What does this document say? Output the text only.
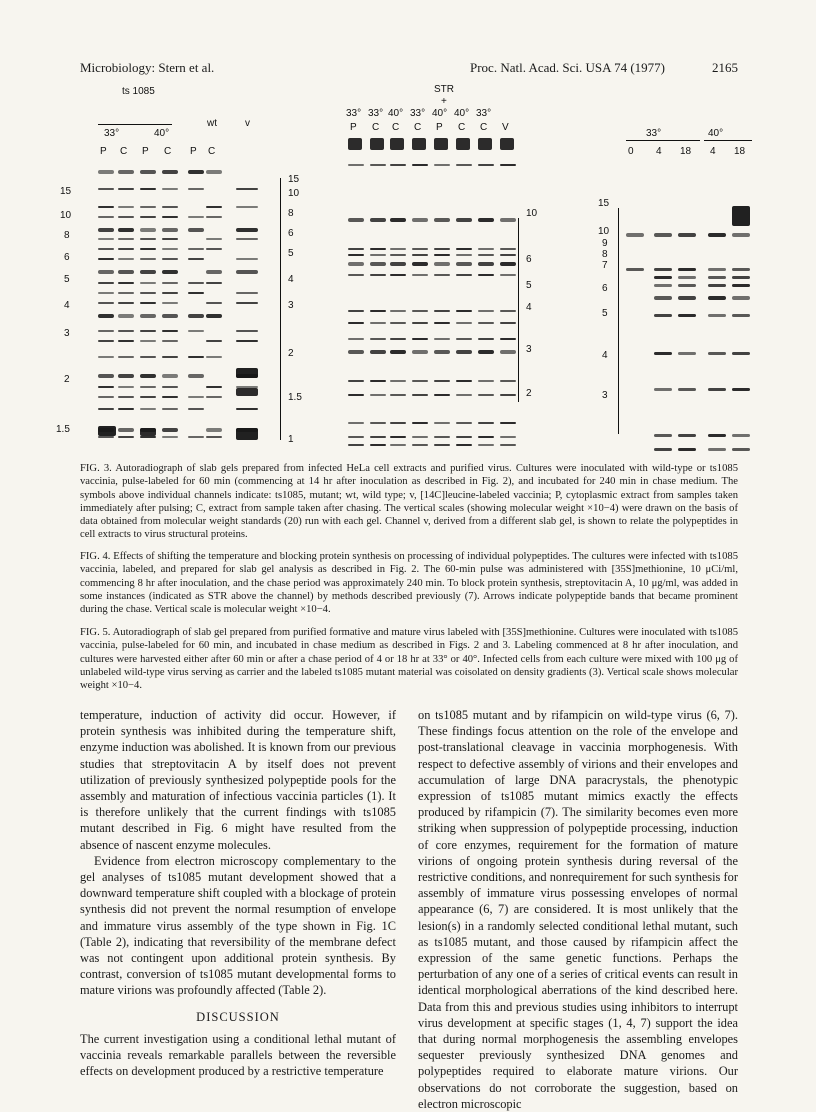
Microbiology: Stern et al.	Proc. Natl. Acad. Sci. USA 74 (1977)	2165
ts 1085
wt	v
33°	40°
P C P C P C
15
10
8
6
5
4
3
2
1.5
15
10
8
6
5
4
3
2
1.5
1
STR
+
33° 33° 40° 33° 40° 40° 33°
P C C C P C C V
10
6
5
4
3
2
33°	40°
0 4 18 4 18
15
10
9
8
7
6
5
4
3
FIG. 3. Autoradiograph of slab gels prepared from infected HeLa cell extracts and purified virus. Cultures were inoculated with wild-type or ts1085 vaccinia, pulse-labeled for 60 min (commencing at 14 hr after inoculation as described in Fig. 2), and incubated for 240 min in chase medium. The symbols above individual channels indicate: ts1085, mutant; wt, wild type; v, [14C]leucine-labeled vaccinia; P, cytoplasmic extract from samples taken immediately after pulsing; C, extract from sample taken after chasing. The vertical scales (showing molecular weight ×10−4) were drawn on the basis of data obtained from molecular weight standards (20) run with each gel. Channel v, derived from a different slab gel, is shown to relate the polypeptides in cell extracts to virus structural proteins.
FIG. 4. Effects of shifting the temperature and blocking protein synthesis on processing of individual polypeptides. The cultures were infected with ts1085 vaccinia, labeled, and prepared for slab gel analysis as described in Fig. 2. The 60-min pulse was administered with [35S]methionine, 10 μCi/ml, commencing 8 hr after inoculation, and the chase period was approximately 240 min. To block protein synthesis, streptovitacin A, 10 μg/ml, was added in some instances (indicated as STR above the channel) by methods described previously (7). Arrows indicate polypeptide bands that became prominent during the chase. Vertical scale is molecular weight ×10−4.
FIG. 5. Autoradiograph of slab gel prepared from purified formative and mature virus labeled with [35S]methionine. Cultures were inoculated with ts1085 vaccinia, pulse-labeled for 60 min, and incubated in chase medium as described in Figs. 2 and 3. Labeling commenced at 8 hr after inoculation, and cultures were harvested either after 60 min or after a chase period of 4 or 18 hr at 33° or 40°. Infected cells from each culture were mixed with 100 μg of unlabeled wild-type virus serving as carrier and the labeled ts1085 mutant material was coisolated on density gradients (3). Vertical scale shows molecular weight ×10−4.

temperature, induction of activity did occur. However, if protein synthesis was inhibited during the temperature shift, enzyme induction was abolished. It is known from our previous studies that streptovitacin A by itself does not prevent utilization of previously synthesized polypeptide pools for the assembly and maturation of infectious vaccinia particles (1). It is therefore unlikely that the current findings with ts1085 mutant described in Fig. 6 might have resulted from the absence of nascent enzyme molecules.

Evidence from electron microscopy complementary to the gel analyses of ts1085 mutant development showed that a downward temperature shift coupled with a blockage of protein synthesis did not prevent the normal resumption of envelope and immature virus assembly of the type shown in Fig. 1C (Table 2), indicating that reversibility of the membrane defect was not contingent upon additional protein synthesis. By contrast, conversion of ts1085 mutant developmental forms to mature virions was profoundly affected (Table 2).

DISCUSSION

The current investigation using a conditional lethal mutant of vaccinia reveals remarkable parallels between the reversible effects on development produced by a restrictive temperature

on ts1085 mutant and by rifampicin on wild-type virus (6, 7). These findings focus attention on the role of the envelope and post-translational cleavage in vaccinia morphogenesis. With respect to defective assembly of virions and their envelopes and accumulation of large DNA paracrystals, the phenotypic expression of ts1085 mutant mimics exactly the effects produced by rifampicin (7). The similarity becomes even more striking when suppression of polypeptide processing, induction of core enzymes, requirement for the formation of mature virions of ongoing protein synthesis during reversal of the restrictive conditions, and nonrequirement for such synthesis for assembly of immature virus possessing envelopes of normal appearance (6, 7) are considered. It is most unlikely that the lesion(s) in a randomly selected conditional lethal mutant, such as ts1085 mutant, and those caused by rifampicin affect the expression of the same genetic functions. Perhaps the perturbation of any one of a series of critical events can result in identical morphological aberrations of the kind described here. Data from this and previous studies using inhibitors to interrupt virus development at specific stages (1, 4, 7) support the idea that during normal morphogenesis the assembling envelopes sequester previously synthesized DNA genomes and polypeptides required to elaborate mature virions. Our observations do not corroborate the suggestion, based on electron microscopic
